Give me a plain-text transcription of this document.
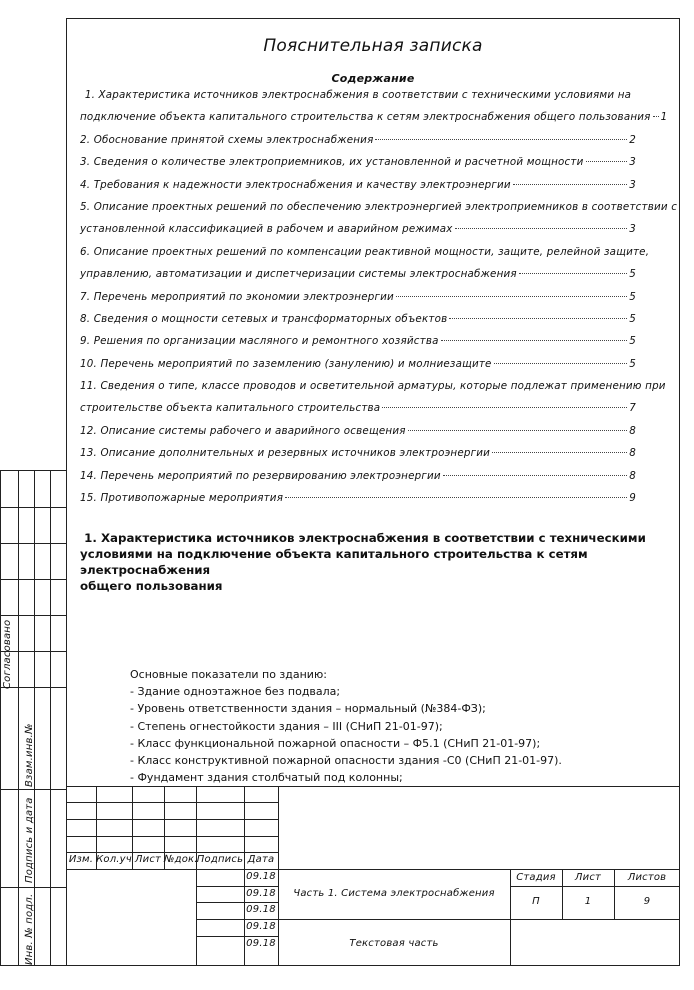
Пояснительная записка
Содержание
1. Характеристика источников электроснабжения в соответствии с техническими условиями на
подключение объекта капитального строительства к сетям электроснабжения общего пользования 1
2. Обоснование принятой схемы электроснабжения	2
3. Сведения о количестве электроприемников, их установленной и расчетной мощности	3
4. Требования к надежности электроснабжения и качеству электроэнергии	3
5. Описание проектных решений по обеспечению электроэнергией электроприемников в соответствии с
установленной классификацией в рабочем и аварийном режимах	3
6. Описание проектных решений по компенсации реактивной мощности, защите, релейной защите,
управлению, автоматизации и диспетчеризации системы электроснабжения	5
7. Перечень мероприятий по экономии электроэнергии	5
8. Сведения о мощности сетевых и трансформаторных объектов	5
9. Решения по организации масляного и ремонтного хозяйства	5
10. Перечень мероприятий по заземлению (занулению) и молниезащите	5
11. Сведения о типе, классе проводов и осветительной арматуры, которые подлежат применению при
строительстве объекта капитального строительства	7
12. Описание системы рабочего и аварийного освещения	8
13. Описание дополнительных и резервных источников электроэнергии	8
14. Перечень мероприятий по резервированию электроэнергии	8
15. Противопожарные мероприятия	9
1. Характеристика источников электроснабжения в соответствии с техническими
условиями на подключение объекта капитального строительства к сетям электроснабжения
общего пользования
Основные показатели по зданию:
- Здание одноэтажное без подвала;
- Уровень ответственности здания – нормальный (№384-ФЗ);
- Степень огнестойкости здания – III (СНиП 21-01-97);
- Класс функциональной пожарной опасности – Ф5.1 (СНиП 21-01-97);
- Класс конструктивной пожарной опасности здания -С0 (СНиП 21-01-97).
- Фундамент здания столбчатый под колонны;
Согласовано
Взам.инв.№
Подпись и дата
Инв. № подл.
Изм. Кол.уч Лист №док. Подпись Дата
09.18
09.18
09.18
09.18
09.18
Часть 1. Система электроснабжения
Текстовая часть
Стадия	Лист	Листов
П	1	9
